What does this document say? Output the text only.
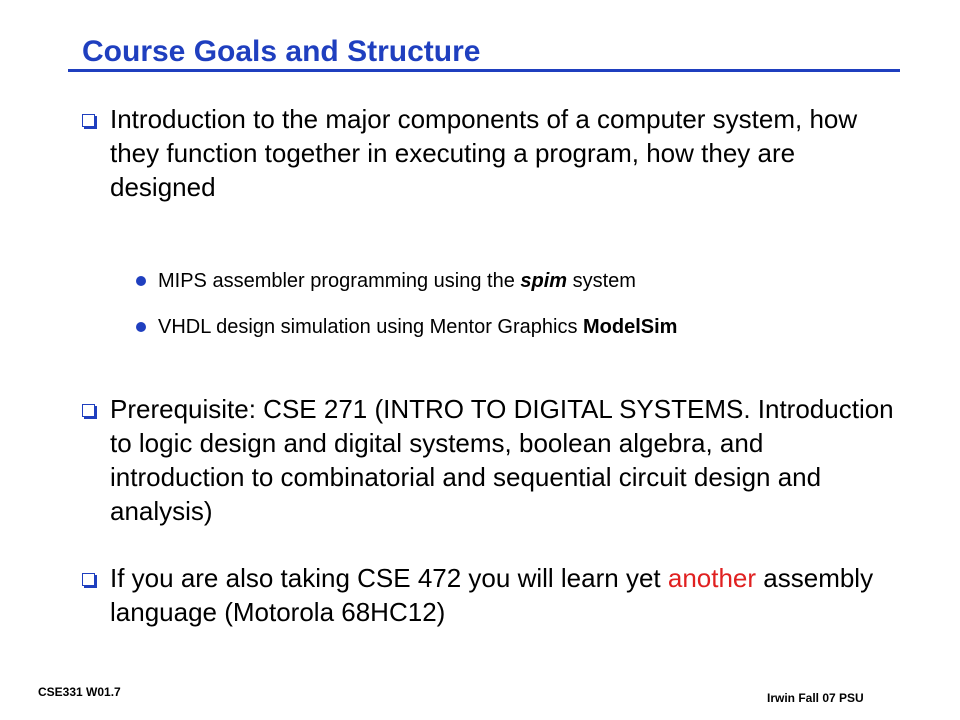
Course Goals and Structure
Introduction to the major components of a computer system, how they function together in executing a program, how they are designed
MIPS assembler programming using the spim system
VHDL design simulation using Mentor Graphics ModelSim
Prerequisite: CSE 271 (INTRO TO DIGITAL SYSTEMS. Introduction to logic design and digital systems, boolean algebra, and introduction to combinatorial and sequential circuit design and analysis)
If you are also taking CSE 472 you will learn yet another assembly language (Motorola 68HC12)
CSE331 W01.7	Irwin Fall 07 PSU
